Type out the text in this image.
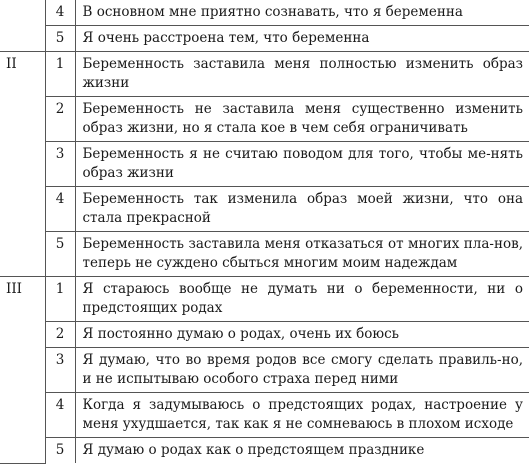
	4	В основном мне приятно сознавать, что я беременна
	5	Я очень расстроена тем, что беременна
II	1	Беременность заставила меня полностью изменить образ жизни
	2	Беременность не заставила меня существенно изменить образ жизни, но я стала кое в чем себя ограничивать
	3	Беременность я не считаю поводом для того, чтобы ме-нять образ жизни
	4	Беременность так изменила образ моей жизни, что она стала прекрасной
	5	Беременность заставила меня отказаться от многих пла-нов, теперь не суждено сбыться многим моим надеждам
III	1	Я стараюсь вообще не думать ни о беременности, ни о предстоящих родах
	2	Я постоянно думаю о родах, очень их боюсь
	3	Я думаю, что во время родов все смогу сделать правиль-но, и не испытываю особого страха перед ними
	4	Когда я задумываюсь о предстоящих родах, настроение у меня ухудшается, так как я не сомневаюсь в плохом исходе
	5	Я думаю о родах как о предстоящем празднике
